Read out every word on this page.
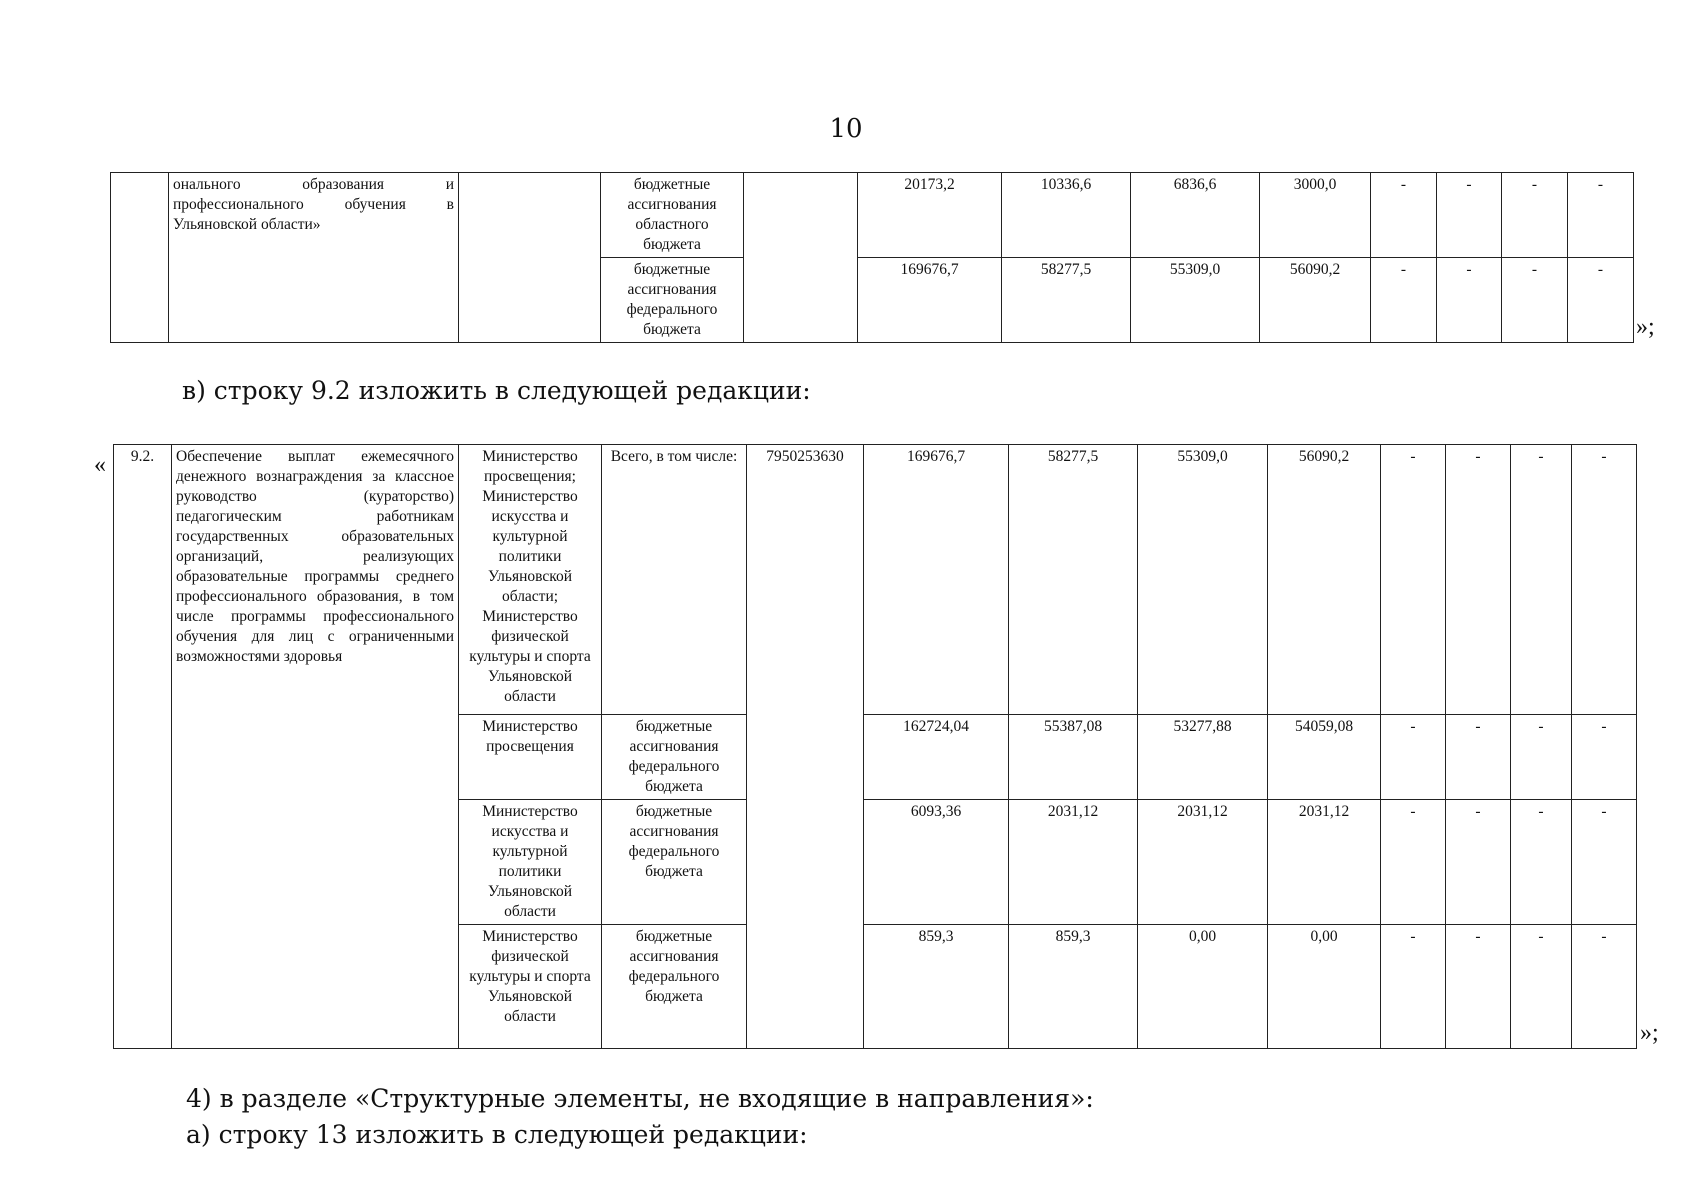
10
	онального образования и профессионального обучения в Ульяновской области»		бюджетные ассигнования областного бюджета		20173,2	10336,6	6836,6	3000,0	-	-	-	-
			бюджетные ассигнования федерального бюджета		169676,7	58277,5	55309,0	56090,2	-	-	-	-
»;
в) строку 9.2 изложить в следующей редакции:
« 9.2.	Обеспечение выплат ежемесячного денежного вознаграждения за классное руководство (кураторство) педагогическим работникам государственных образовательных организаций, реализующих образовательные программы среднего профессионального образования, в том числе программы профессионального обучения для лиц с ограниченными возможностями здоровья	Министерство просвещения; Министерство искусства и культурной политики Ульяновской области; Министерство физической культуры и спорта Ульяновской области	Всего, в том числе:	7950253630	169676,7	58277,5	55309,0	56090,2	-	-	-	-
		Министерство просвещения	бюджетные ассигнования федерального бюджета		162724,04	55387,08	53277,88	54059,08	-	-	-	-
		Министерство искусства и культурной политики Ульяновской области	бюджетные ассигнования федерального бюджета		6093,36	2031,12	2031,12	2031,12	-	-	-	-
		Министерство физической культуры и спорта Ульяновской области	бюджетные ассигнования федерального бюджета		859,3	859,3	0,00	0,00	-	-	-	-
»;
4) в разделе «Структурные элементы, не входящие в направления»:
а) строку 13 изложить в следующей редакции:
